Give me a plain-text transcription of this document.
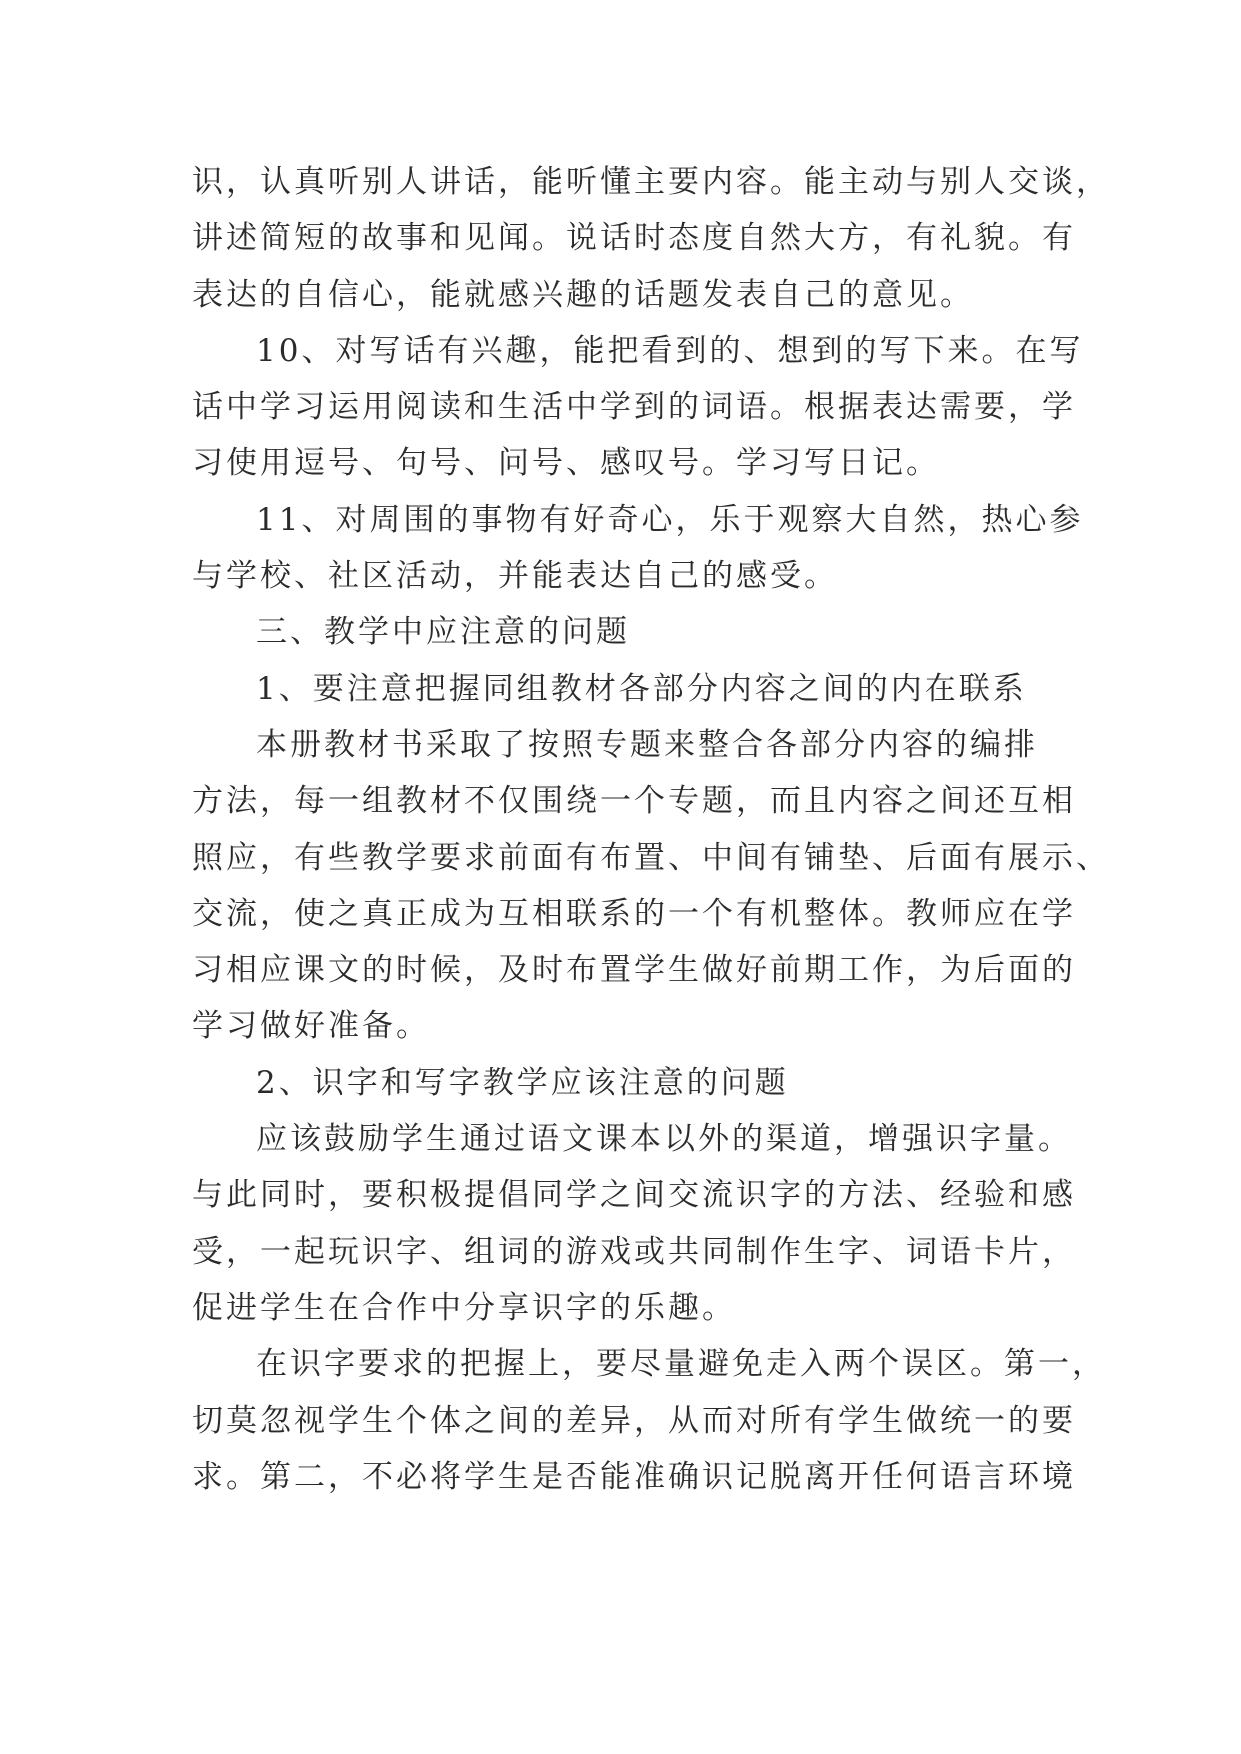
识，认真听别人讲话，能听懂主要内容。能主动与别人交谈，
讲述简短的故事和见闻。说话时态度自然大方，有礼貌。有
表达的自信心，能就感兴趣的话题发表自己的意见。
10、对写话有兴趣，能把看到的、想到的写下来。在写
话中学习运用阅读和生活中学到的词语。根据表达需要，学
习使用逗号、句号、问号、感叹号。学习写日记。
11、对周围的事物有好奇心，乐于观察大自然，热心参
与学校、社区活动，并能表达自己的感受。
三、教学中应注意的问题
1、要注意把握同组教材各部分内容之间的内在联系
本册教材书采取了按照专题来整合各部分内容的编排
方法，每一组教材不仅围绕一个专题，而且内容之间还互相
照应，有些教学要求前面有布置、中间有铺垫、后面有展示、
交流，使之真正成为互相联系的一个有机整体。教师应在学
习相应课文的时候，及时布置学生做好前期工作，为后面的
学习做好准备。
2、识字和写字教学应该注意的问题
应该鼓励学生通过语文课本以外的渠道，增强识字量。
与此同时，要积极提倡同学之间交流识字的方法、经验和感
受，一起玩识字、组词的游戏或共同制作生字、词语卡片，
促进学生在合作中分享识字的乐趣。
在识字要求的把握上，要尽量避免走入两个误区。第一，
切莫忽视学生个体之间的差异，从而对所有学生做统一的要
求。第二，不必将学生是否能准确识记脱离开任何语言环境
